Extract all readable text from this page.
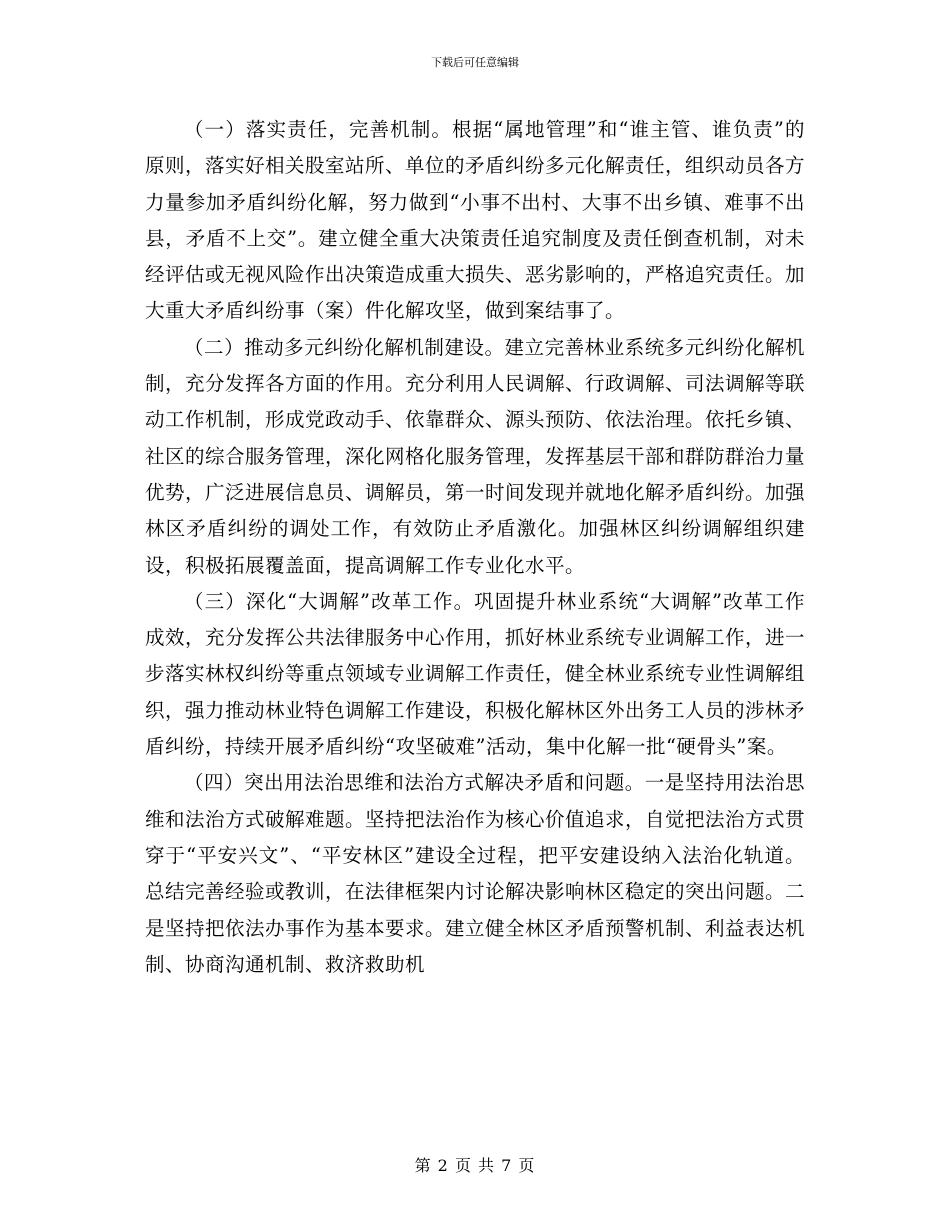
下载后可任意编辑

（一）落实责任，完善机制。根据“属地管理”和“谁主管、谁负责”的原则，落实好相关股室站所、单位的矛盾纠纷多元化解责任，组织动员各方力量参加矛盾纠纷化解，努力做到“小事不出村、大事不出乡镇、难事不出县，矛盾不上交”。建立健全重大决策责任追究制度及责任倒查机制，对未经评估或无视风险作出决策造成重大损失、恶劣影响的，严格追究责任。加大重大矛盾纠纷事（案）件化解攻坚，做到案结事了。

（二）推动多元纠纷化解机制建设。建立完善林业系统多元纠纷化解机制，充分发挥各方面的作用。充分利用人民调解、行政调解、司法调解等联动工作机制，形成党政动手、依靠群众、源头预防、依法治理。依托乡镇、社区的综合服务管理，深化网格化服务管理，发挥基层干部和群防群治力量优势，广泛进展信息员、调解员，第一时间发现并就地化解矛盾纠纷。加强林区矛盾纠纷的调处工作，有效防止矛盾激化。加强林区纠纷调解组织建设，积极拓展覆盖面，提高调解工作专业化水平。

（三）深化“大调解”改革工作。巩固提升林业系统“大调解”改革工作成效，充分发挥公共法律服务中心作用，抓好林业系统专业调解工作，进一步落实林权纠纷等重点领域专业调解工作责任，健全林业系统专业性调解组织，强力推动林业特色调解工作建设，积极化解林区外出务工人员的涉林矛盾纠纷，持续开展矛盾纠纷“攻坚破难”活动，集中化解一批“硬骨头”案。

（四）突出用法治思维和法治方式解决矛盾和问题。一是坚持用法治思维和法治方式破解难题。坚持把法治作为核心价值追求，自觉把法治方式贯穿于“平安兴文”、“平安林区”建设全过程，把平安建设纳入法治化轨道。总结完善经验或教训，在法律框架内讨论解决影响林区稳定的突出问题。二是坚持把依法办事作为基本要求。建立健全林区矛盾预警机制、利益表达机制、协商沟通机制、救济救助机

第 2 页 共 7 页
